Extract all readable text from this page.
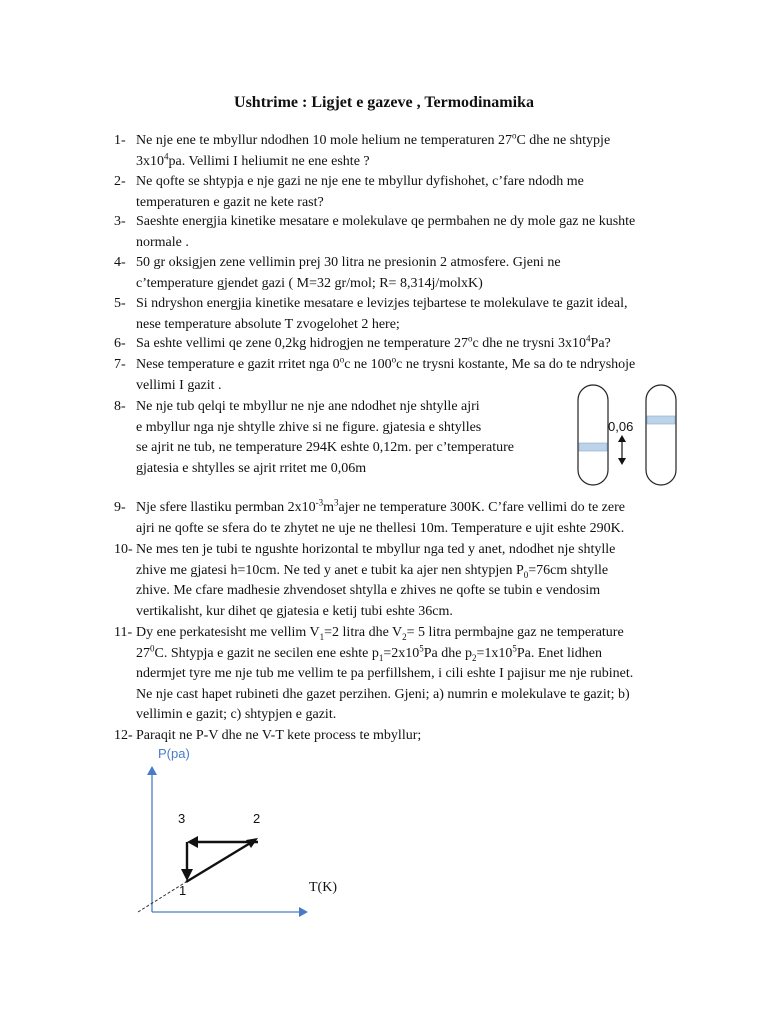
Ushtrime : Ligjet e gazeve , Termodinamika
1- Ne nje ene te mbyllur ndodhen 10 mole helium ne temperaturen 27$^o$C dhe ne shtypje
$3x10^4pa$. Vellimi I heliumit ne ene eshte ?
2- Ne qofte se shtypja e nje gazi ne nje ene te mbyllur dyfishohet, c’fare ndodh me
temperaturen e gazit ne kete rast?
3- Saeshte energjia kinetike mesatare e molekulave qe permbahen ne dy mole gaz ne kushte
normale .
4- 50 gr oksigjen zene vellimin prej 30 litra ne presionin 2 atmosfere. Gjeni ne
c’temperature gjendet gazi ( M=32 gr/mol; R= 8,314j/molxK)
5- Si ndryshon energjia kinetike mesatare e levizjes tejbartese te molekulave te gazit ideal,
nese temperature absolute T zvogelohet 2 here;
6- Sa eshte vellimi qe zene 0,2kg hidrogjen ne temperature 27$^o$c dhe ne trysni $3x10^4Pa$?
7- Nese temperature e gazit rritet nga 0$^o$c ne 100$^o$c ne trysni kostante, Me sa do te ndryshoje
vellimi I gazit .
8- Ne nje tub qelqi te mbyllur ne nje ane ndodhet nje shtylle ajri
e mbyllur nga nje shtylle zhive si ne figure. gjatesia e shtylles
se ajrit ne tub, ne temperature 294K eshte 0,12m. per c’temperature
gjatesia e shtylles se ajrit rritet me 0,06m
0,06
9- Nje sfere llastiku permban $2x10^{-3}m^3ajer$ ne temperature 300K. C’fare vellimi do te zere
ajri ne qofte se sfera do te zhytet ne uje ne thellesi 10m. Temperature e ujit eshte 290K.
10- Ne mes ten je tubi te ngushte horizontal te mbyllur nga ted y anet, ndodhet nje shtylle
zhive me gjatesi h=10cm. Ne ted y anet e tubit ka ajer nen shtypjen $P_0=76cm$ shtylle
zhive. Me cfare madhesie zhvendoset shtylla e zhives ne qofte se tubin e vendosim
vertikalisht, kur dihet qe gjatesia e ketij tubi eshte 36cm.
11- Dy ene perkatesisht me vellim $V_1=2$ litra dhe $V_2= 5$ litra permbajne gaz ne temperature
$27^0C$. Shtypja e gazit ne secilen ene eshte $p_1=2x10^5Pa$ dhe $p_2=1x10^5Pa$. Enet lidhen
ndermjet tyre me nje tub me vellim te pa perfillshem, i cili eshte I pajisur me nje rubinet.
Ne nje cast hapet rubineti dhe gazet perzihen. Gjeni; a) numrin e molekulave te gazit; b)
vellimin e gazit; c) shtypjen e gazit.
12- Paraqit ne P-V dhe ne V-T kete process te mbyllur;
P(pa)
T(K)
3	2
1
